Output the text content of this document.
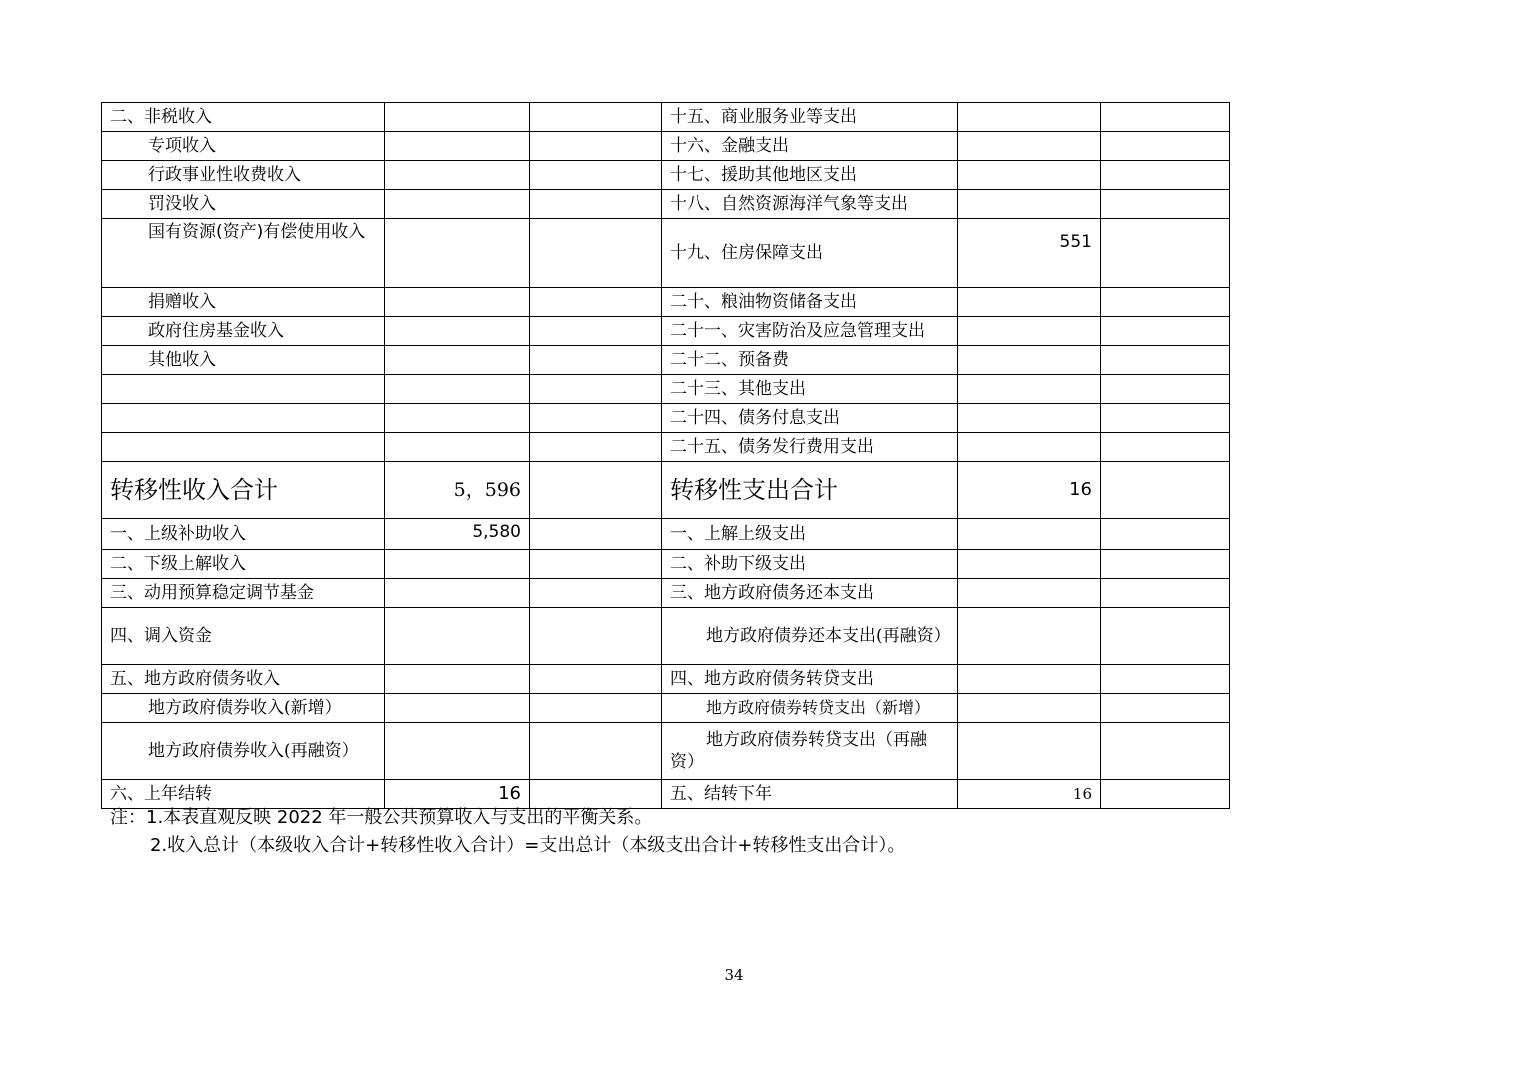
二、非税收入			十五、商业服务业等支出		
专项收入			十六、金融支出		
行政事业性收费收入			十七、援助其他地区支出		
罚没收入			十八、自然资源海洋气象等支出		
国有资源(资产)有偿使用收入			十九、住房保障支出	551	
捐赠收入			二十、粮油物资储备支出		
政府住房基金收入			二十一、灾害防治及应急管理支出		
其他收入			二十二、预备费		
			二十三、其他支出		
			二十四、债务付息支出		
			二十五、债务发行费用支出		
转移性收入合计	5，596		转移性支出合计	16	
一、上级补助收入	5,580		一、上解上级支出		
二、下级上解收入			二、补助下级支出		
三、动用预算稳定调节基金			三、地方政府债务还本支出		
四、调入资金			地方政府债券还本支出(再融资）		
五、地方政府债务收入			四、地方政府债务转贷支出		
地方政府债券收入(新增）			地方政府债券转贷支出（新增）		
地方政府债券收入(再融资）			地方政府债券转贷支出（再融资）		
六、上年结转	16		五、结转下年	16	
注：1.本表直观反映 2022 年一般公共预算收入与支出的平衡关系。
2.收入总计（本级收入合计+转移性收入合计）=支出总计（本级支出合计+转移性支出合计）。
34
